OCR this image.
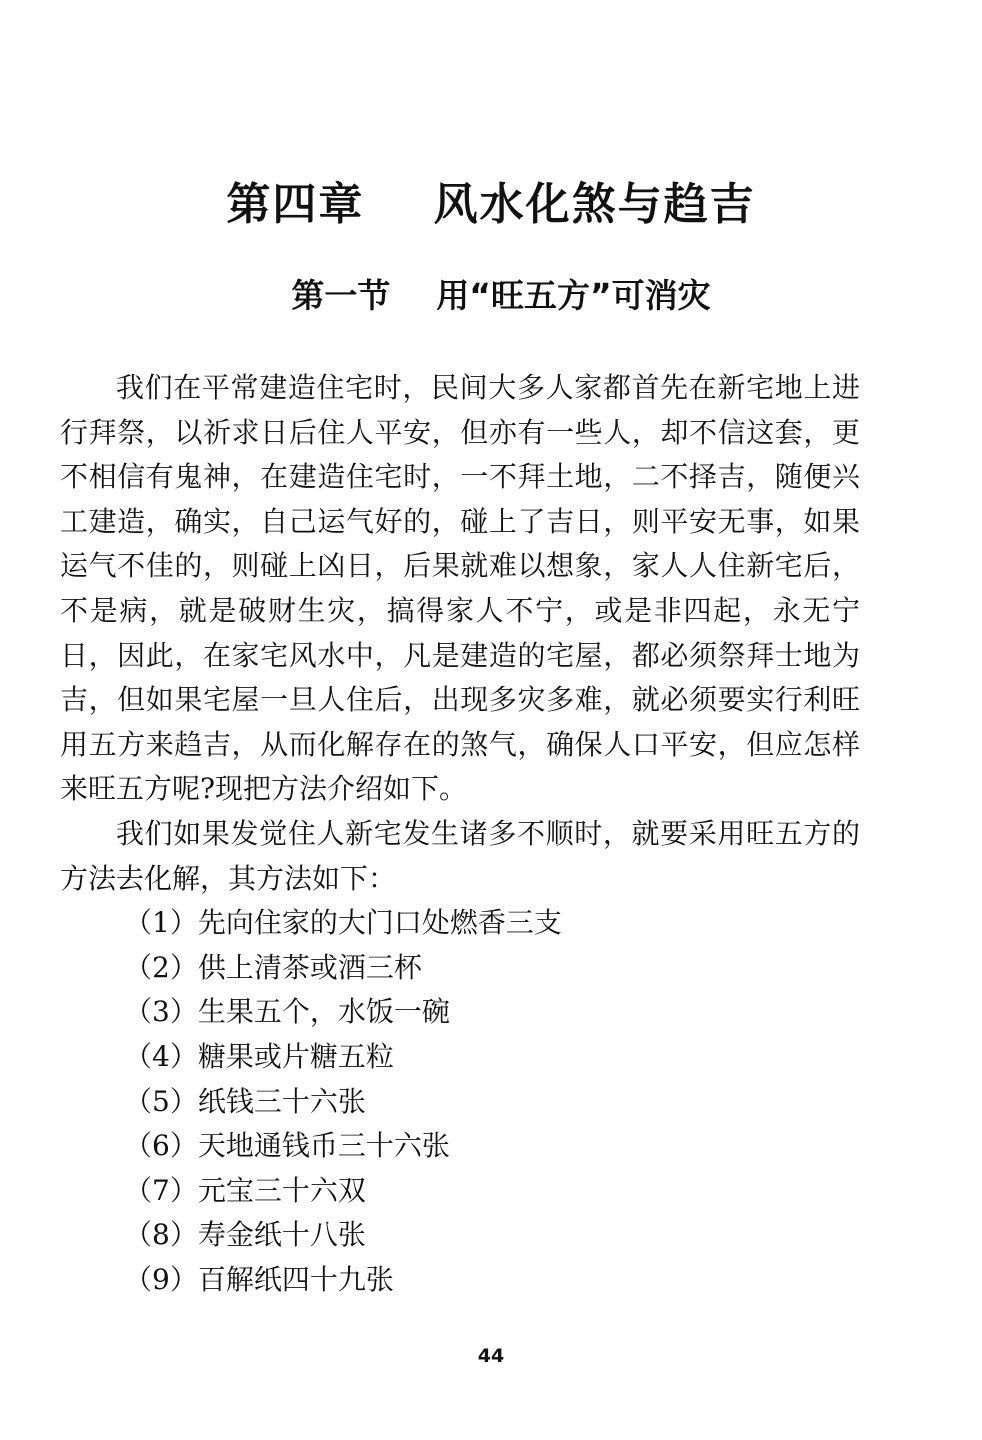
第四章    风水化煞与趋吉
第一节    用“旺五方”可消灾

我们在平常建造住宅时，民间大多人家都首先在新宅地上进行拜祭，以祈求日后住人平安，但亦有一些人，却不信这套，更不相信有鬼神，在建造住宅时，一不拜土地，二不择吉，随便兴工建造，确实，自己运气好的，碰上了吉日，则平安无事，如果运气不佳的，则碰上凶日，后果就难以想象，家人人住新宅后，不是病，就是破财生灾，搞得家人不宁，或是非四起，永无宁日，因此，在家宅风水中，凡是建造的宅屋，都必须祭拜士地为吉，但如果宅屋一旦人住后，出现多灾多难，就必须要实行利旺用五方来趋吉，从而化解存在的煞气，确保人口平安，但应怎样来旺五方呢?现把方法介绍如下。

我们如果发觉住人新宅发生诸多不顺时，就要采用旺五方的方法去化解，其方法如下：

（1）先向住家的大门口处燃香三支
（2）供上清茶或酒三杯
（3）生果五个，水饭一碗
（4）糖果或片糖五粒
（5）纸钱三十六张
（6）天地通钱币三十六张
（7）元宝三十六双
（8）寿金纸十八张
（9）百解纸四十九张
44
